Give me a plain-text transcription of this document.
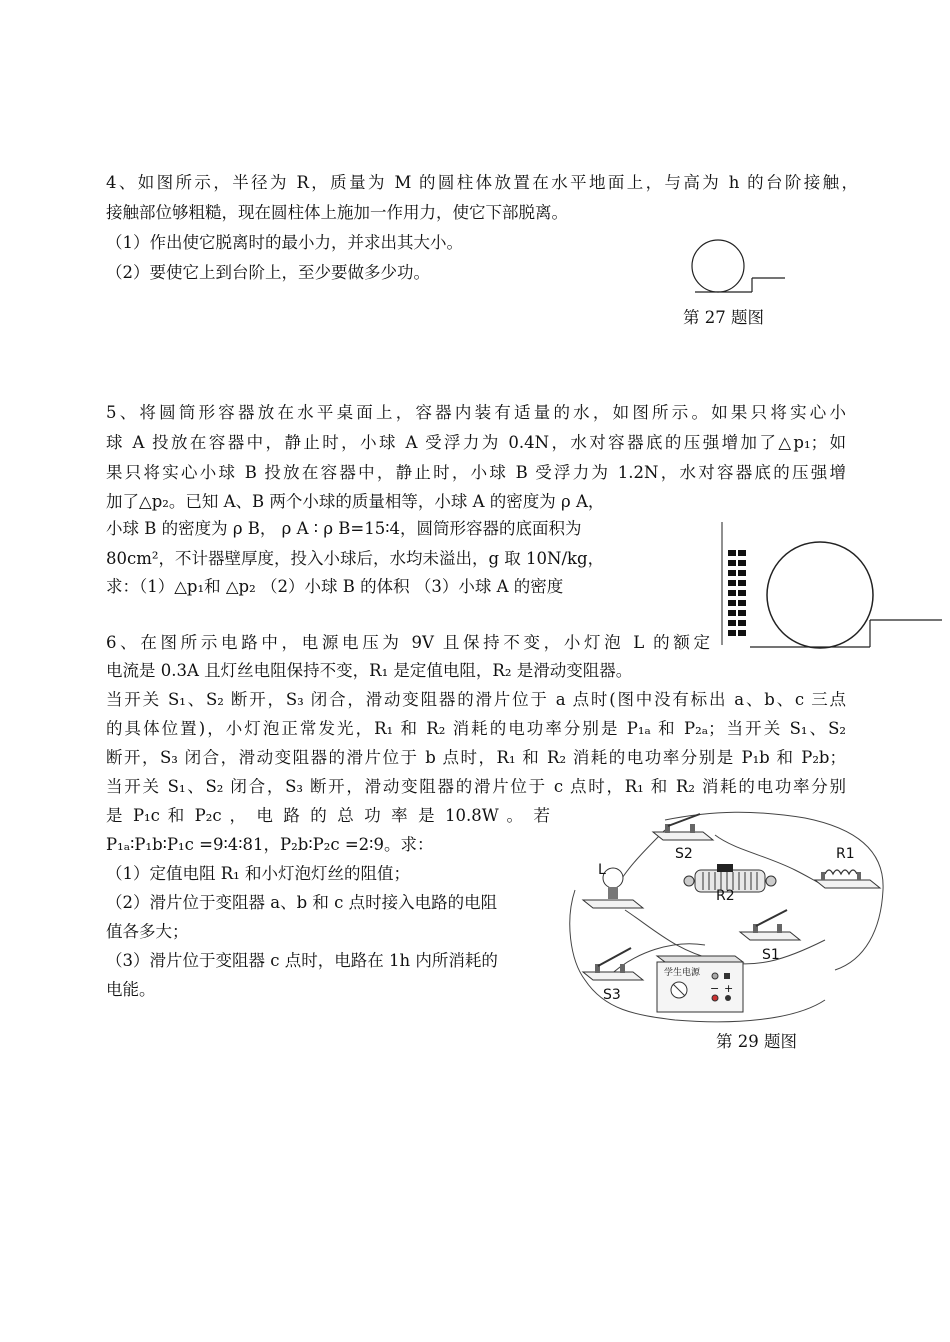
4、如图所示，半径为 R，质量为 M 的圆柱体放置在水平地面上，与高为 h 的台阶接触，
接触部位够粗糙，现在圆柱体上施加一作用力，使它下部脱离。
（1）作出使它脱离时的最小力，并求出其大小。
（2）要使它上到台阶上，至少要做多少功。
第 27 题图
5、将圆筒形容器放在水平桌面上，容器内装有适量的水，如图所示。如果只将实心小
球 A 投放在容器中，静止时，小球 A 受浮力为 0.4N，水对容器底的压强增加了△p₁；如
果只将实心小球 B 投放在容器中，静止时，小球 B 受浮力为 1.2N，水对容器底的压强增
加了△p₂。已知 A、B 两个小球的质量相等，小球 A 的密度为 ρ A，
小球 B 的密度为 ρ B， ρ A ∶ ρ B=15∶4，圆筒形容器的底面积为
80cm²，不计器壁厚度，投入小球后，水均未溢出，g 取 10N/kg，
求：（1）△p₁和 △p₂ （2）小球 B 的体积 （3）小球 A 的密度
6、在图所示电路中，电源电压为 9V 且保持不变，小灯泡 L 的额定
电流是 0.3A 且灯丝电阻保持不变，R₁ 是定值电阻，R₂ 是滑动变阻器。
当开关 S₁、S₂ 断开，S₃ 闭合，滑动变阻器的滑片位于 a 点时(图中没有标出 a、b、c 三点
的具体位置)，小灯泡正常发光，R₁ 和 R₂ 消耗的电功率分别是 P₁ₐ 和 P₂ₐ；当开关 S₁、S₂
断开，S₃ 闭合，滑动变阻器的滑片位于 b 点时，R₁ 和 R₂ 消耗的电功率分别是 P₁b 和 P₂b；
当开关 S₁、S₂ 闭合，S₃ 断开，滑动变阻器的滑片位于 c 点时，R₁ 和 R₂ 消耗的电功率分别
是 P₁c 和 P₂c ， 电 路 的 总 功 率 是 10.8W 。 若
P₁ₐ∶P₁b∶P₁c =9∶4∶81，P₂b∶P₂c =2∶9。求：
（1）定值电阻 R₁ 和小灯泡灯丝的阻值；
（2）滑片位于变阻器 a、b 和 c 点时接入电路的电阻
值各多大；
（3）滑片位于变阻器 c 点时，电路在 1h 内所消耗的
电能。
S2	R1
L
R2
S1
S3
学生电源
− +
第 29 题图
